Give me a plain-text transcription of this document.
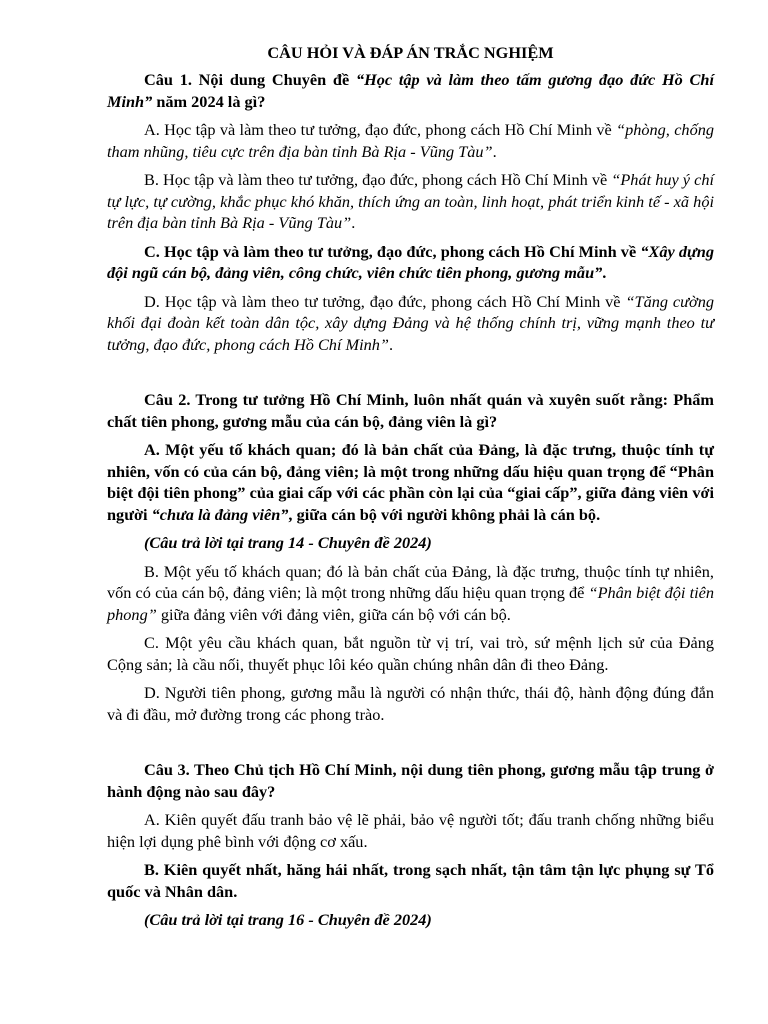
CÂU HỎI VÀ ĐÁP ÁN TRẮC NGHIỆM

Câu 1. Nội dung Chuyên đề “Học tập và làm theo tấm gương đạo đức Hồ Chí Minh” năm 2024 là gì?

A. Học tập và làm theo tư tưởng, đạo đức, phong cách Hồ Chí Minh về “phòng, chống tham nhũng, tiêu cực trên địa bàn tỉnh Bà Rịa - Vũng Tàu”.

B. Học tập và làm theo tư tưởng, đạo đức, phong cách Hồ Chí Minh về “Phát huy ý chí tự lực, tự cường, khắc phục khó khăn, thích ứng an toàn, linh hoạt, phát triển kinh tế - xã hội trên địa bàn tỉnh Bà Rịa - Vũng Tàu”.

C. Học tập và làm theo tư tưởng, đạo đức, phong cách Hồ Chí Minh về “Xây dựng đội ngũ cán bộ, đảng viên, công chức, viên chức tiên phong, gương mẫu”.

D. Học tập và làm theo tư tưởng, đạo đức, phong cách Hồ Chí Minh về “Tăng cường khối đại đoàn kết toàn dân tộc, xây dựng Đảng và hệ thống chính trị, vững mạnh theo tư tưởng, đạo đức, phong cách Hồ Chí Minh”.

Câu 2. Trong tư tưởng Hồ Chí Minh, luôn nhất quán và xuyên suốt rằng: Phẩm chất tiên phong, gương mẫu của cán bộ, đảng viên là gì?

A. Một yếu tố khách quan; đó là bản chất của Đảng, là đặc trưng, thuộc tính tự nhiên, vốn có của cán bộ, đảng viên; là một trong những dấu hiệu quan trọng để “Phân biệt đội tiên phong” của giai cấp với các phần còn lại của “giai cấp”, giữa đảng viên với người “chưa là đảng viên”, giữa cán bộ với người không phải là cán bộ.

(Câu trả lời tại trang 14 - Chuyên đề 2024)

B. Một yếu tố khách quan; đó là bản chất của Đảng, là đặc trưng, thuộc tính tự nhiên, vốn có của cán bộ, đảng viên; là một trong những dấu hiệu quan trọng để “Phân biệt đội tiên phong” giữa đảng viên với đảng viên, giữa cán bộ với cán bộ.

C. Một yêu cầu khách quan, bắt nguồn từ vị trí, vai trò, sứ mệnh lịch sử của Đảng Cộng sản; là cầu nối, thuyết phục lôi kéo quần chúng nhân dân đi theo Đảng.

D. Người tiên phong, gương mẫu là người có nhận thức, thái độ, hành động đúng đắn và đi đầu, mở đường trong các phong trào.

Câu 3. Theo Chủ tịch Hồ Chí Minh, nội dung tiên phong, gương mẫu tập trung ở hành động nào sau đây?

A. Kiên quyết đấu tranh bảo vệ lẽ phải, bảo vệ người tốt; đấu tranh chống những biểu hiện lợi dụng phê bình với động cơ xấu.

B. Kiên quyết nhất, hăng hái nhất, trong sạch nhất, tận tâm tận lực phụng sự Tổ quốc và Nhân dân.

(Câu trả lời tại trang 16 - Chuyên đề 2024)
